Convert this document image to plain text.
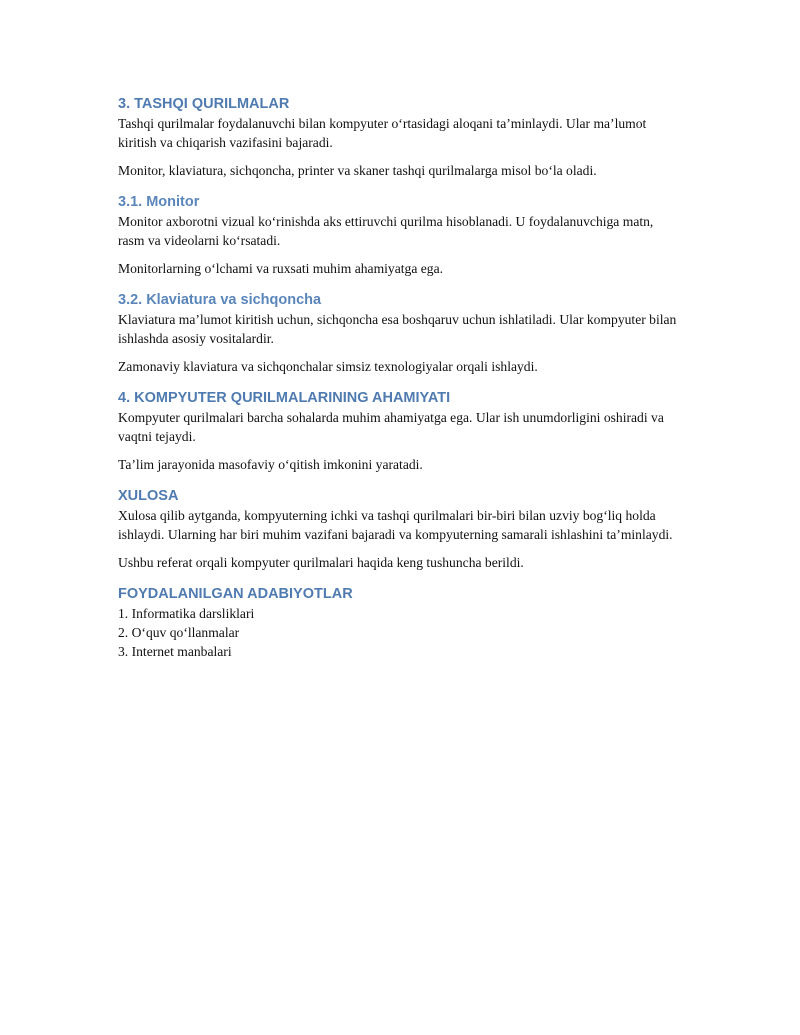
3. TASHQI QURILMALAR

Tashqi qurilmalar foydalanuvchi bilan kompyuter o‘rtasidagi aloqani ta’minlaydi. Ular ma’lumot kiritish va chiqarish vazifasini bajaradi.

Monitor, klaviatura, sichqoncha, printer va skaner tashqi qurilmalarga misol bo‘la oladi.

3.1. Monitor

Monitor axborotni vizual ko‘rinishda aks ettiruvchi qurilma hisoblanadi. U foydalanuvchiga matn, rasm va videolarni ko‘rsatadi.

Monitorlarning o‘lchami va ruxsati muhim ahamiyatga ega.

3.2. Klaviatura va sichqoncha

Klaviatura ma’lumot kiritish uchun, sichqoncha esa boshqaruv uchun ishlatiladi. Ular kompyuter bilan ishlashda asosiy vositalardir.

Zamonaviy klaviatura va sichqonchalar simsiz texnologiyalar orqali ishlaydi.

4. KOMPYUTER QURILMALARINING AHAMIYATI

Kompyuter qurilmalari barcha sohalarda muhim ahamiyatga ega. Ular ish unumdorligini oshiradi va vaqtni tejaydi.

Ta’lim jarayonida masofaviy o‘qitish imkonini yaratadi.

XULOSA

Xulosa qilib aytganda, kompyuterning ichki va tashqi qurilmalari bir-biri bilan uzviy bog‘liq holda ishlaydi. Ularning har biri muhim vazifani bajaradi va kompyuterning samarali ishlashini ta’minlaydi.

Ushbu referat orqali kompyuter qurilmalari haqida keng tushuncha berildi.

FOYDALANILGAN ADABIYOTLAR

1. Informatika darsliklari

2. O‘quv qo‘llanmalar

3. Internet manbalari
